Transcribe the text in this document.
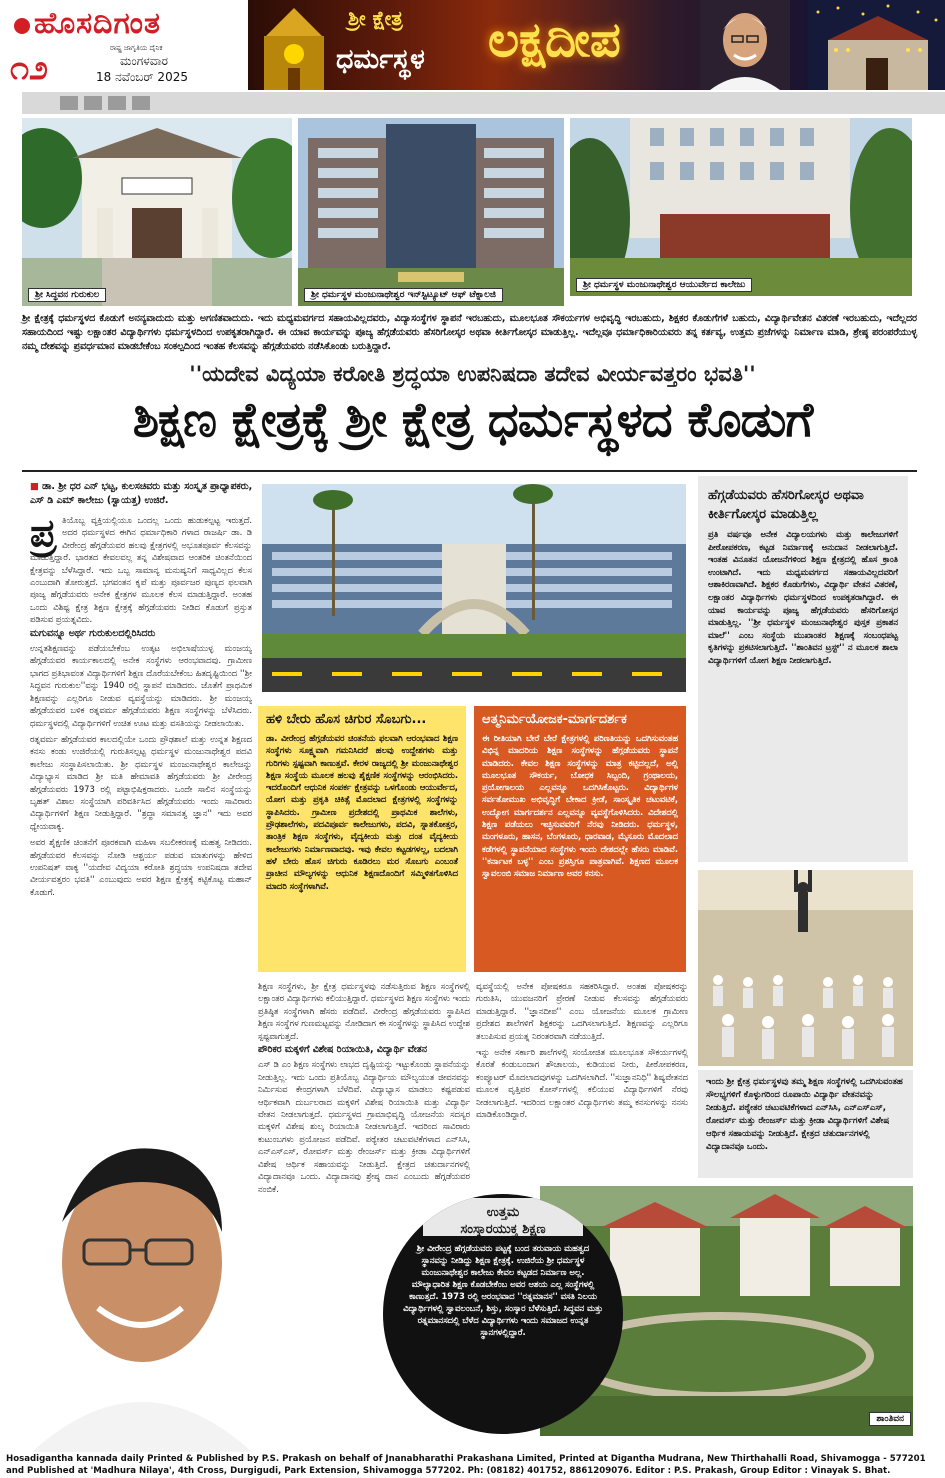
ಹೊಸದಿಗಂತ
ರಾಷ್ಟ್ರ ಜಾಗೃತಿಯ ದೈನಿಕ
೧೨	ಮಂಗಳವಾರ
18 ನವೆಂಬರ್ 2025
ಶ್ರೀ ಕ್ಷೇತ್ರ
ಧರ್ಮಸ್ಥಳ ಲಕ್ಷದೀಪ
ಶ್ರೀ ಸಿದ್ಧವನ ಗುರುಕುಲ	ಶ್ರೀ ಧರ್ಮಸ್ಥಳ ಮಂಜುನಾಥೇಶ್ವರ ಇನ್‌ಸ್ಟಿಟ್ಯೂಟ್ ಆಫ್ ಟೆಕ್ನಾಲಜಿ
ಶ್ರೀ ಧರ್ಮಸ್ಥಳ ಮಂಜುನಾಥೇಶ್ವರ ಆಯುರ್ವೇದ ಕಾಲೇಜು

ಶ್ರೀ ಕ್ಷೇತ್ರಕ್ಕೆ ಧರ್ಮಸ್ಥಳದ ಕೊಡುಗೆ ಅನನ್ಯವಾದುದು ಮತ್ತು ಅಗಣಿತವಾದುದು. ಇದು ಮಧ್ಯಮವರ್ಗದ ಸಹಾಯವಿಲ್ಲದವರು, ವಿದ್ಯಾಸಂಸ್ಥೆಗಳ ಸ್ಥಾಪನೆ ಇರಬಹುದು, ಮೂಲಭೂತ ಸೌಕರ್ಯಗಳ ಅಭಿವೃದ್ಧಿ ಇರಬಹುದು, ಶಿಕ್ಷಕರ ಕೊಡುಗೆಗಳೆ ಬಹುದು, ವಿದ್ಯಾರ್ಥಿವೇತನ ವಿತರಣೆ ಇರಬಹುದು, ಇದೆಲ್ಲದರ ಸಹಾಯದಿಂದ ಇಷ್ಟು ಲಕ್ಷಾಂತರ ವಿದ್ಯಾರ್ಥಿಗಳು ಧರ್ಮಸ್ಥಳದಿಂದ ಉಪಕೃತರಾಗಿದ್ದಾರೆ. ಈ ಯಾವ ಕಾರ್ಯವನ್ನು ಪೂಜ್ಯ ಹೆಗ್ಗಡೆಯವರು ಹೆಸರಿಗೋಸ್ಕರ ಅಥವಾ ಕೀರ್ತಿಗೋಸ್ಕರ ಮಾಡುತ್ತಿಲ್ಲ. ಇದೆಲ್ಲವೂ ಧರ್ಮಾಧಿಕಾರಿಯವರು ತನ್ನ ಕರ್ತವ್ಯ, ಉತ್ತಮ ಪ್ರಜೆಗಳನ್ನು ನಿರ್ಮಾಣ ಮಾಡಿ, ಶ್ರೇಷ್ಠ ಪರಂಪರೆಯುಳ್ಳ ನಮ್ಮ ದೇಶವನ್ನು ಪ್ರವರ್ಧಮಾನ ಮಾಡಬೇಕೆಂಬ ಸಂಕಲ್ಪದಿಂದ ಇಂತಹ ಕೆಲಸವನ್ನು ಹೆಗ್ಗಡೆಯವರು ನಡೆಸಿಕೊಂಡು ಬರುತ್ತಿದ್ದಾರೆ.

''ಯದೇವ ವಿದ್ಯಯಾ ಕರೋತಿ ಶ್ರದ್ಧಯಾ ಉಪನಿಷದಾ ತದೇವ ವೀರ್ಯವತ್ತರಂ ಭವತಿ''
ಶಿಕ್ಷಣ ಕ್ಷೇತ್ರಕ್ಕೆ ಶ್ರೀ ಕ್ಷೇತ್ರ ಧರ್ಮಸ್ಥಳದ ಕೊಡುಗೆ
■ ಡಾ. ಶ್ರೀ ಧರ ಎನ್ ಭಟ್ಟ, ಕುಲಸಚಿವರು ಮತ್ತು ಸಂಸ್ಕೃತ ಪ್ರಾಧ್ಯಾಪಕರು, ಎಸ್ ಡಿ ಎಮ್ ಕಾಲೇಜು (ಸ್ವಾಯತ್ತ) ಉಜಿರೆ.
ಪ್ರ ತಿಯೊಬ್ಬ ವ್ಯಕ್ತಿಯಲ್ಲಿಯೂ ಒಂದಲ್ಲ ಒಂದು ಹುಡುಕಲ್ಪಟ್ಟ ಇರುತ್ತದೆ. ಅದರ ಧರ್ಮಸ್ಥಳದ ಈಗಿನ ಧರ್ಮಾಧಿಕಾರಿ ಗಳಾದ ರಾಜರ್ಷಿ ಡಾ. ಡಿ ವೀರೇಂದ್ರ ಹೆಗ್ಗಡೆಯವರ ಹಲವು ಕ್ಷೇತ್ರಗಳಲ್ಲಿ ಅಭೂತಪೂರ್ವ ಕೆಲಸವನ್ನು ಮಾಡುತ್ತಿದ್ದಾರೆ. ಭಾರತದ ಕೇವಲವಲ್ಲ ತನ್ನ ವಿಶೇಷವಾದ ಆಂತರಿಕ ಚಿಂತನೆಯಿಂದ ಕ್ಷೇತ್ರವನ್ನು ಬೆಳೆಸಿದ್ದಾರೆ. ಇದು ಒಬ್ಬ ಸಾಮಾನ್ಯ ಮನುಷ್ಯನಿಗೆ ಸಾಧ್ಯವಿಲ್ಲದ ಕೆಲಸ ಎಂಬುದಾಗಿ ತೋರುತ್ತದೆ. ಭಗವಂತನ ಕೃಪೆ ಮತ್ತು ಪೂರ್ವಜರ ಪುಣ್ಯದ ಫಲವಾಗಿ ಪೂಜ್ಯ ಹೆಗ್ಗಡೆಯವರು ಅನೇಕ ಕ್ಷೇತ್ರಗಳ ಮೂಲಕ ಕೆಲಸ ಮಾಡುತ್ತಿದ್ದಾರೆ. ಅಂತಹ ಒಂದು ವಿಶಿಷ್ಟ ಕ್ಷೇತ್ರ ಶಿಕ್ಷಣ ಕ್ಷೇತ್ರಕ್ಕೆ ಹೆಗ್ಗಡೆಯವರು ನೀಡಿದ ಕೊಡುಗೆ ಪ್ರಸ್ತುತ ಪಡಿಸುವ ಪ್ರಯತ್ನವಿದು.

ಮಗುವನ್ನೂ ಅರ್ಥ ಗುರುಕುಲದಲ್ಲಿರಿಸಿದರು

ಉನ್ನತಶಿಕ್ಷಣವನ್ನು ಪಡೆಯಬೇಕೆಂಬ ಉತ್ಕಟ ಅಭಿಲಾಷೆಯುಳ್ಳ ಮಂಜಯ್ಯ ಹೆಗ್ಗಡೆಯವರ ಕಾರ್ಯಕಾಲದಲ್ಲಿ ಅನೇಕ ಸಂಸ್ಥೆಗಳು ಆರಂಭವಾದವು. ಗ್ರಾಮೀಣ ಭಾಗದ ಪ್ರತಿಭಾವಂತ ವಿದ್ಯಾರ್ಥಿಗಳಿಗೆ ಶಿಕ್ಷಣ ದೊರೆಯಬೇಕೆಂಬ ಹಿತದೃಷ್ಟಿಯಿಂದ ''ಶ್ರೀ ಸಿದ್ಧವನ ಗುರುಕುಲ''ವನ್ನು 1940 ರಲ್ಲಿ ಸ್ಥಾಪನೆ ಮಾಡಿದರು. ಜೊತೆಗೆ ಪ್ರಾಥಮಿಕ ಶಿಕ್ಷಣವನ್ನು ಎಲ್ಲರಿಗೂ ನೀಡುವ ವ್ಯವಸ್ಥೆಯನ್ನು ಮಾಡಿದರು. ಶ್ರೀ ಮಂಜಯ್ಯ ಹೆಗ್ಗಡೆಯವರ ಬಳಿಕ ರತ್ನವರ್ಮ ಹೆಗ್ಗಡೆಯವರು ಶಿಕ್ಷಣ ಸಂಸ್ಥೆಗಳನ್ನು ಬೆಳೆಸಿದರು. ಧರ್ಮಸ್ಥಳದಲ್ಲಿ ವಿದ್ಯಾರ್ಥಿಗಳಿಗೆ ಉಚಿತ ಊಟ ಮತ್ತು ವಸತಿಯನ್ನು ನೀಡಲಾಯಿತು.

ರತ್ನವರ್ಮ ಹೆಗ್ಗಡೆಯವರ ಕಾಲದಲ್ಲಿಯೇ ಒಂದು ಪ್ರೌಢಶಾಲೆ ಮತ್ತು ಉನ್ನತ ಶಿಕ್ಷಣದ ಕನಸು ಕಂಡು ಉಜಿರೆಯಲ್ಲಿ ಗುರುತಿಸಲ್ಪಟ್ಟ ಧರ್ಮಸ್ಥಳ ಮಂಜುನಾಥೇಶ್ವರ ಪದವಿ ಕಾಲೇಜು ಸಂಸ್ಥಾಪಿಸಲಾಯಿತು. ಶ್ರೀ ಧರ್ಮಸ್ಥಳ ಮಂಜುನಾಥೇಶ್ವರ ಕಾಲೇಜನ್ನು ವಿದ್ಯಾಭ್ಯಾಸ ಮಾಡಿದ ಶ್ರೀ ಮತಿ ಹೇಮಾವತಿ ಹೆಗ್ಗಡೆಯವರು ಶ್ರೀ ವೀರೇಂದ್ರ ಹೆಗ್ಗಡೆಯವರು 1973 ರಲ್ಲಿ ಪಟ್ಟಾಭಿಷಿಕ್ತರಾದರು. ಒಂದೇ ಸಾಲಿನ ಸಂಸ್ಥೆಯನ್ನು ಬೃಹತ್ ವಿಶಾಲ ಸಂಸ್ಥೆಯಾಗಿ ಪರಿವರ್ತಿಸಿದ ಹೆಗ್ಗಡೆಯವರು ಇಂದು ಸಾವಿರಾರು ವಿದ್ಯಾರ್ಥಿಗಳಿಗೆ ಶಿಕ್ಷಣ ನೀಡುತ್ತಿದ್ದಾರೆ. ''ಶ್ರದ್ಧಾ ಸಮಾನತ್ವ ಜ್ಞಾನ'' ಇದು ಅವರ ಧ್ಯೇಯವಾಕ್ಯ.

ಅವರ ಶೈಕ್ಷಣಿಕ ಚಿಂತನೆಗೆ ಪೂರಕವಾಗಿ ಮಹಿಳಾ ಸಬಲೀಕರಣಕ್ಕೆ ಮಹತ್ವ ನೀಡಿದರು. ಹೆಗ್ಗಡೆಯವರ ಕೆಲಸವನ್ನು ನೋಡಿ ಆಶ್ಚರ್ಯ ಪಡುವ ಮಾತುಗಳನ್ನು ಹೇಳಿದ ಉಪನಿಷತ್ ವಾಕ್ಯ ''ಯದೇವ ವಿದ್ಯಯಾ ಕರೋತಿ ಶ್ರದ್ಧಯಾ ಉಪನಿಷದಾ ತದೇವ ವೀರ್ಯವತ್ತರಂ ಭವತಿ'' ಎಂಬುವುದು ಅವರ ಶಿಕ್ಷಣ ಕ್ಷೇತ್ರಕ್ಕೆ ಕಟ್ಟಿಕೊಟ್ಟ ಮಹಾನ್ ಕೊಡುಗೆ.

ಹಳಿ ಬೇರು ಹೊಸ ಚಿಗುರ ಸೊಬಗು...

ಡಾ. ವೀರೇಂದ್ರ ಹೆಗ್ಗಡೆಯವರ ಚಿಂತನೆಯ ಫಲವಾಗಿ ಆರಂಭವಾದ ಶಿಕ್ಷಣ ಸಂಸ್ಥೆಗಳು ಸೂಕ್ಷ್ಮವಾಗಿ ಗಮನಿಸಿದರೆ ಹಲವು ಉದ್ದೇಶಗಳು ಮತ್ತು ಗುರಿಗಳು ಸ್ಪಷ್ಟವಾಗಿ ಕಾಣುತ್ತವೆ. ಕೇರಳ ರಾಜ್ಯದಲ್ಲಿ ಶ್ರೀ ಮಂಜುನಾಥೇಶ್ವರ ಶಿಕ್ಷಣ ಸಂಸ್ಥೆಯ ಮೂಲಕ ಹಲವು ಶೈಕ್ಷಣಿಕ ಸಂಸ್ಥೆಗಳನ್ನು ಆರಂಭಿಸಿದರು. ಇದರೊಂದಿಗೆ ಆಧುನಿಕ ಸಂಪರ್ಕ ಕ್ಷೇತ್ರವನ್ನು ಒಳಗೊಂಡು ಆಯುರ್ವೇದ, ಯೋಗ ಮತ್ತು ಪ್ರಕೃತಿ ಚಿಕಿತ್ಸೆ ಮೊದಲಾದ ಕ್ಷೇತ್ರಗಳಲ್ಲಿ ಸಂಸ್ಥೆಗಳನ್ನು ಸ್ಥಾಪಿಸಿದರು. ಗ್ರಾಮೀಣ ಪ್ರದೇಶದಲ್ಲಿ ಪ್ರಾಥಮಿಕ ಶಾಲೆಗಳು, ಪ್ರೌಢಶಾಲೆಗಳು, ಪದವಿಪೂರ್ವ ಕಾಲೇಜುಗಳು, ಪದವಿ, ಸ್ನಾತಕೋತ್ತರ, ತಾಂತ್ರಿಕ ಶಿಕ್ಷಣ ಸಂಸ್ಥೆಗಳು, ವೈದ್ಯಕೀಯ ಮತ್ತು ದಂತ ವೈದ್ಯಕೀಯ ಕಾಲೇಜುಗಳು ನಿರ್ಮಾಣವಾದವು. ಇವು ಕೇವಲ ಕಟ್ಟಡಗಳಲ್ಲ, ಬದಲಾಗಿ ಹಳೆ ಬೇರು ಹೊಸ ಚಿಗುರು ಕೂಡಿರಲು ಮರ ಸೊಬಗು ಎಂಬಂತೆ ಪ್ರಾಚೀನ ಮೌಲ್ಯಗಳನ್ನು ಆಧುನಿಕ ಶಿಕ್ಷಣದೊಂದಿಗೆ ಸಮ್ಮಿಳಿತಗೊಳಿಸಿದ ಮಾದರಿ ಸಂಸ್ಥೆಗಳಾಗಿವೆ.

ಆತ್ಮನಿರ್ಮಯೋಜಕ-ಮಾರ್ಗದರ್ಶಕ

ಈ ರೀತಿಯಾಗಿ ಬೇರೆ ಬೇರೆ ಕ್ಷೇತ್ರಗಳಲ್ಲಿ ಪರಿಣತಿಯನ್ನು ಒದಗಿಸುವಂತಹ ವಿಭಿನ್ನ ಮಾದರಿಯ ಶಿಕ್ಷಣ ಸಂಸ್ಥೆಗಳನ್ನು ಹೆಗ್ಗಡೆಯವರು ಸ್ಥಾಪನೆ ಮಾಡಿದರು. ಕೇವಲ ಶಿಕ್ಷಣ ಸಂಸ್ಥೆಗಳನ್ನು ಮಾತ್ರ ಕಟ್ಟಿದಲ್ಲದೆ, ಅಲ್ಲಿ ಮೂಲಭೂತ ಸೌಕರ್ಯ, ಬೋಧಕ ಸಿಬ್ಬಂದಿ, ಗ್ರಂಥಾಲಯ, ಪ್ರಯೋಗಾಲಯ ಎಲ್ಲವನ್ನೂ ಒದಗಿಸಿಕೊಟ್ಟರು. ವಿದ್ಯಾರ್ಥಿಗಳ ಸರ್ವತೋಮುಖ ಅಭಿವೃದ್ಧಿಗೆ ಬೇಕಾದ ಕ್ರೀಡೆ, ಸಾಂಸ್ಕೃತಿಕ ಚಟುವಟಿಕೆ, ಉದ್ಯೋಗ ಮಾರ್ಗದರ್ಶನ ಎಲ್ಲವನ್ನೂ ವ್ಯವಸ್ಥೆಗೊಳಿಸಿದರು. ವಿದೇಶದಲ್ಲಿ ಶಿಕ್ಷಣ ಪಡೆಯಲು ಇಚ್ಛಿಸುವವರಿಗೆ ನೆರವು ನೀಡಿದರು. ಧರ್ಮಸ್ಥಳ, ಮಂಗಳೂರು, ಹಾಸನ, ಬೆಂಗಳೂರು, ಧಾರವಾಡ, ಮೈಸೂರು ಮೊದಲಾದ ಕಡೆಗಳಲ್ಲಿ ಸ್ಥಾಪನೆಯಾದ ಸಂಸ್ಥೆಗಳು ಇಂದು ದೇಶದಲ್ಲೇ ಹೆಸರು ಮಾಡಿವೆ. ''ಕರ್ನಾಟಕ ಬಳ್ಳ'' ಎಂಬ ಪ್ರಶಸ್ತಿಗೂ ಪಾತ್ರವಾಗಿವೆ. ಶಿಕ್ಷಣದ ಮೂಲಕ ಸ್ವಾವಲಂಬಿ ಸಮಾಜ ನಿರ್ಮಾಣ ಅವರ ಕನಸು.

ಶಿಕ್ಷಣ ಸಂಸ್ಥೆಗಳು, ಶ್ರೀ ಕ್ಷೇತ್ರ ಧರ್ಮಸ್ಥಳವು ನಡೆಸುತ್ತಿರುವ ಶಿಕ್ಷಣ ಸಂಸ್ಥೆಗಳಲ್ಲಿ ಲಕ್ಷಾಂತರ ವಿದ್ಯಾರ್ಥಿಗಳು ಕಲಿಯುತ್ತಿದ್ದಾರೆ. ಧರ್ಮಸ್ಥಳದ ಶಿಕ್ಷಣ ಸಂಸ್ಥೆಗಳು ಇಂದು ಪ್ರತಿಷ್ಠಿತ ಸಂಸ್ಥೆಗಳಾಗಿ ಹೆಸರು ಪಡೆದಿವೆ. ವೀರೇಂದ್ರ ಹೆಗ್ಗಡೆಯವರು ಸ್ಥಾಪಿಸಿದ ಶಿಕ್ಷಣ ಸಂಸ್ಥೆಗಳ ಗುಣಮಟ್ಟವನ್ನು ನೋಡಿದಾಗ ಈ ಸಂಸ್ಥೆಗಳನ್ನು ಸ್ಥಾಪಿಸಿದ ಉದ್ದೇಶ ಸ್ಪಷ್ಟವಾಗುತ್ತದೆ.

ಪೌರಿಕರ ಮಕ್ಕಳಿಗೆ ವಿಶೇಷ ರಿಯಾಯಿತಿ, ವಿದ್ಯಾರ್ಥಿ ವೇತನ

ಎಸ್ ಡಿ ಎಂ ಶಿಕ್ಷಣ ಸಂಸ್ಥೆಗಳು ಲಾಭದ ದೃಷ್ಟಿಯನ್ನು ಇಟ್ಟುಕೊಂಡು ಸ್ಥಾಪನೆಯನ್ನು ನೀಡುತ್ತಿಲ್ಲ. ಇದು ಒಂದು ಪ್ರತಿಯೊಬ್ಬ ವಿದ್ಯಾರ್ಥಿಯ ಮೌಲ್ಯಯುತ ಜೀವನವನ್ನು ನಿರ್ಮಿಸುವ ಕೇಂದ್ರಗಳಾಗಿ ಬೆಳೆದಿವೆ. ವಿದ್ಯಾಭ್ಯಾಸ ಮಾಡಲು ಕಷ್ಟಪಡುವ ಆರ್ಥಿಕವಾಗಿ ದುರ್ಬಲರಾದ ಮಕ್ಕಳಿಗೆ ವಿಶೇಷ ರಿಯಾಯಿತಿ ಮತ್ತು ವಿದ್ಯಾರ್ಥಿ ವೇತನ ನೀಡಲಾಗುತ್ತದೆ. ಧರ್ಮಸ್ಥಳದ ಗ್ರಾಮಾಭಿವೃದ್ಧಿ ಯೋಜನೆಯ ಸದಸ್ಯರ ಮಕ್ಕಳಿಗೆ ವಿಶೇಷ ಶುಲ್ಕ ರಿಯಾಯಿತಿ ನೀಡಲಾಗುತ್ತಿದೆ. ಇದರಿಂದ ಸಾವಿರಾರು ಕುಟುಂಬಗಳು ಪ್ರಯೋಜನ ಪಡೆದಿವೆ. ಪಠ್ಯೇತರ ಚಟುವಟಿಕೆಗಳಾದ ಎನ್‌ಸಿಸಿ, ಎನ್‌ಎಸ್‌ಎಸ್, ರೋವರ್ಸ್ ಮತ್ತು ರೇಂಜರ್ಸ್ ಮತ್ತು ಕ್ರೀಡಾ ವಿದ್ಯಾರ್ಥಿಗಳಿಗೆ ವಿಶೇಷ ಆರ್ಥಿಕ ಸಹಾಯವನ್ನು ನೀಡುತ್ತಿದೆ. ಕ್ಷೇತ್ರದ ಚತುರ್ದಾನಗಳಲ್ಲಿ ವಿದ್ಯಾದಾನವೂ ಒಂದು. ವಿದ್ಯಾದಾನವು ಶ್ರೇಷ್ಠ ದಾನ ಎಂಬುದು ಹೆಗ್ಗಡೆಯವರ ನಂಬಿಕೆ.

ವ್ಯವಸ್ಥೆಯಲ್ಲಿ ಅನೇಕ ಪೋಷಕರೂ ಸಹಕರಿಸಿದ್ದಾರೆ. ಅಂತಹ ಪೋಷಕರನ್ನು ಗುರುತಿಸಿ, ಯುವಜನರಿಗೆ ಪ್ರೇರಣೆ ನೀಡುವ ಕೆಲಸವನ್ನು ಹೆಗ್ಗಡೆಯವರು ಮಾಡುತ್ತಿದ್ದಾರೆ. ''ಜ್ಞಾನದೀಪ'' ಎಂಬ ಯೋಜನೆಯ ಮೂಲಕ ಗ್ರಾಮೀಣ ಪ್ರದೇಶದ ಶಾಲೆಗಳಿಗೆ ಶಿಕ್ಷಕರನ್ನು ಒದಗಿಸಲಾಗುತ್ತಿದೆ. ಶಿಕ್ಷಣವನ್ನು ಎಲ್ಲರಿಗೂ ತಲುಪಿಸುವ ಪ್ರಯತ್ನ ನಿರಂತರವಾಗಿ ನಡೆಯುತ್ತಿದೆ.

ಇನ್ನು ಅನೇಕ ಸರ್ಕಾರಿ ಶಾಲೆಗಳಲ್ಲಿ ಸಂಯೋಜಿತ ಮೂಲಭೂತ ಸೌಕರ್ಯಗಳಲ್ಲಿ ಕೊರತೆ ಕಂಡುಬಂದಾಗ ಶೌಚಾಲಯ, ಕುಡಿಯುವ ನೀರು, ಪೀಠೋಪಕರಣ, ಕಂಪ್ಯೂಟರ್ ಮೊದಲಾದವುಗಳನ್ನು ಒದಗಿಸಲಾಗಿದೆ. ''ಸುಜ್ಞಾನನಿಧಿ'' ಶಿಷ್ಯವೇತನದ ಮೂಲಕ ವೃತ್ತಿಪರ ಕೋರ್ಸ್‌ಗಳಲ್ಲಿ ಕಲಿಯುವ ವಿದ್ಯಾರ್ಥಿಗಳಿಗೆ ನೆರವು ನೀಡಲಾಗುತ್ತಿದೆ. ಇದರಿಂದ ಲಕ್ಷಾಂತರ ವಿದ್ಯಾರ್ಥಿಗಳು ತಮ್ಮ ಕನಸುಗಳನ್ನು ನನಸು ಮಾಡಿಕೊಂಡಿದ್ದಾರೆ.

ಹೆಗ್ಗಡೆಯವರು ಹೆಸರಿಗೋಸ್ಕರ ಅಥವಾ ಕೀರ್ತಿಗೋಸ್ಕರ ಮಾಡುತ್ತಿಲ್ಲ

ಪ್ರತಿ ವರ್ಷವೂ ಅನೇಕ ವಿದ್ಯಾಲಯಗಳು ಮತ್ತು ಕಾಲೇಜುಗಳಿಗೆ ಪೀಠೋಪಕರಣ, ಕಟ್ಟಡ ನಿರ್ಮಾಣಕ್ಕೆ ಅನುದಾನ ನೀಡಲಾಗುತ್ತಿದೆ. ಇಂತಹ ವಿನೂತನ ಯೋಜನೆಗಳಿಂದ ಶಿಕ್ಷಣ ಕ್ಷೇತ್ರದಲ್ಲಿ ಹೊಸ ಕ್ರಾಂತಿ ಉಂಟಾಗಿದೆ. ಇದು ಮಧ್ಯಮವರ್ಗದ ಸಹಾಯವಿಲ್ಲದವರಿಗೆ ಆಶಾಕಿರಣವಾಗಿದೆ. ಶಿಕ್ಷಕರ ಕೊಡುಗೆಗಳು, ವಿದ್ಯಾರ್ಥಿ ವೇತನ ವಿತರಣೆ, ಲಕ್ಷಾಂತರ ವಿದ್ಯಾರ್ಥಿಗಳು ಧರ್ಮಸ್ಥಳದಿಂದ ಉಪಕೃತರಾಗಿದ್ದಾರೆ. ಈ ಯಾವ ಕಾರ್ಯವನ್ನು ಪೂಜ್ಯ ಹೆಗ್ಗಡೆಯವರು ಹೆಸರಿಗೋಸ್ಕರ ಮಾಡುತ್ತಿಲ್ಲ. ''ಶ್ರೀ ಧರ್ಮಸ್ಥಳ ಮಂಜುನಾಥೇಶ್ವರ ಪುಸ್ತಕ ಪ್ರಕಾಶನ ಮಾಲೆ'' ಎಂಬ ಸಂಸ್ಥೆಯ ಮುಖಾಂತರ ಶಿಕ್ಷಣಕ್ಕೆ ಸಂಬಂಧಪಟ್ಟ ಕೃತಿಗಳನ್ನು ಪ್ರಕಟಿಸಲಾಗುತ್ತಿದೆ. ''ಶಾಂತಿವನ ಟ್ರಸ್ಟ್'' ನ ಮೂಲಕ ಶಾಲಾ ವಿದ್ಯಾರ್ಥಿಗಳಿಗೆ ಯೋಗ ಶಿಕ್ಷಣ ನೀಡಲಾಗುತ್ತಿದೆ.

ಇಂದು ಶ್ರೀ ಕ್ಷೇತ್ರ ಧರ್ಮಸ್ಥಳವು ತಮ್ಮ ಶಿಕ್ಷಣ ಸಂಸ್ಥೆಗಳಲ್ಲಿ ಒದಗಿಸುವಂತಹ ಸೌಲಭ್ಯಗಳಿಗೆ ಕೊಳ್ಳುಗರಿಂದ ರೂಪಾಯಿ ವಿದ್ಯಾರ್ಥಿ ವೇತನವನ್ನು ನೀಡುತ್ತಿದೆ. ಪಠ್ಯೇತರ ಚಟುವಟಿಕೆಗಳಾದ ಎನ್‌ಸಿಸಿ, ಎನ್‌ಎಸ್‌ಎಸ್, ರೋವರ್ಸ್ ಮತ್ತು ರೇಂಜರ್ಸ್ ಮತ್ತು ಕ್ರೀಡಾ ವಿದ್ಯಾರ್ಥಿಗಳಿಗೆ ವಿಶೇಷ ಆರ್ಥಿಕ ಸಹಾಯವನ್ನು ನೀಡುತ್ತಿದೆ. ಕ್ಷೇತ್ರದ ಚತುರ್ದಾನಗಳಲ್ಲಿ ವಿದ್ಯಾದಾನವೂ ಒಂದು.

ಶಾಂತಿವನ
ಉತ್ತಮ
ಸಂಸ್ಕಾರಯುಕ್ತ ಶಿಕ್ಷಣ

ಶ್ರೀ ವೀರೇಂದ್ರ ಹೆಗ್ಗಡೆಯವರು ಪಟ್ಟಕ್ಕೆ ಬಂದ ತರುವಾಯ ಮಹತ್ವದ ಸ್ಥಾನವನ್ನು ನೀಡಿದ್ದು ಶಿಕ್ಷಣ ಕ್ಷೇತ್ರಕ್ಕೆ. ಉಜಿರೆಯ ಶ್ರೀ ಧರ್ಮಸ್ಥಳ ಮಂಜುನಾಥೇಶ್ವರ ಕಾಲೇಜು ಕೇವಲ ಕಟ್ಟಡದ ನಿರ್ಮಾಣ ಅಲ್ಲ. ಮೌಲ್ಯಾಧಾರಿತ ಶಿಕ್ಷಣ ಕೊಡಬೇಕೆಂಬ ಅವರ ಆಶಯ ಎಲ್ಲ ಸಂಸ್ಥೆಗಳಲ್ಲಿ ಕಾಣುತ್ತದೆ. 1973 ರಲ್ಲಿ ಆರಂಭವಾದ ''ರತ್ನಮಾನಸ'' ವಸತಿ ನಿಲಯ ವಿದ್ಯಾರ್ಥಿಗಳಲ್ಲಿ ಸ್ವಾವಲಂಬನೆ, ಶಿಸ್ತು, ಸಂಸ್ಕಾರ ಬೆಳೆಸುತ್ತಿದೆ. ಸಿದ್ಧವನ ಮತ್ತು ರತ್ನಮಾನಸದಲ್ಲಿ ಬೆಳೆದ ವಿದ್ಯಾರ್ಥಿಗಳು ಇಂದು ಸಮಾಜದ ಉನ್ನತ ಸ್ಥಾನಗಳಲ್ಲಿದ್ದಾರೆ.

Hosadigantha kannada daily Printed & Published by P.S. Prakash on behalf of Jnanabharathi Prakashana Limited, Printed at Digantha Mudrana, New Thirthahalli Road, Shivamogga - 577201
and Published at 'Madhura Nilaya', 4th Cross, Durgigudi, Park Extension, Shivamogga 577202. Ph: (08182) 401752, 8861209076. Editor : P.S. Prakash, Group Editor : Vinayak S. Bhat.
